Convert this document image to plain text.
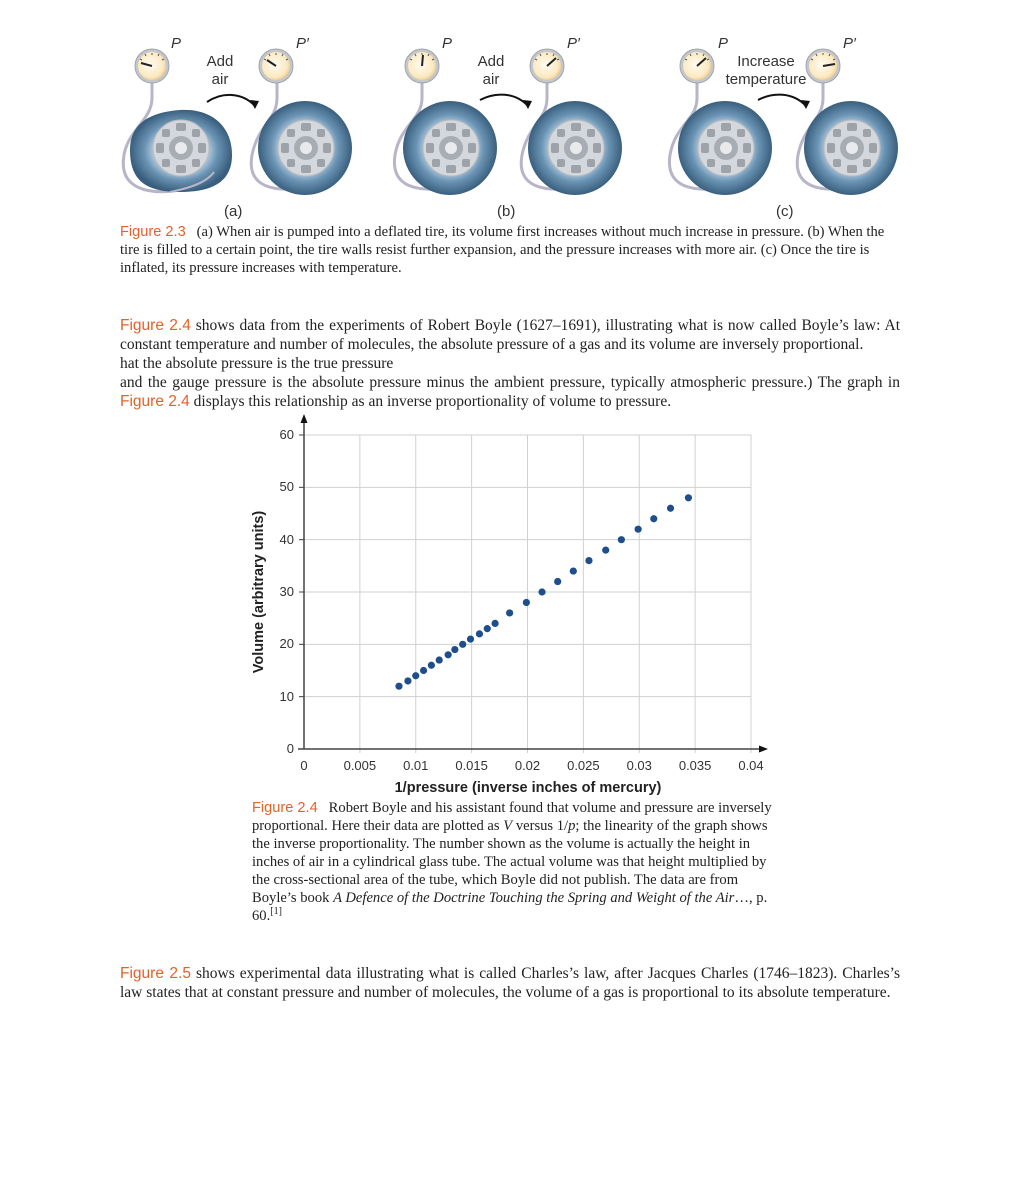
P	P′	P	P′	P	P′
Add
air
Add
air
Increase
temperature
(a)	(b)	(c)
Figure 2.3 (a) When air is pumped into a deflated tire, its volume first increases without much increase in pressure. (b) When the tire is filled to a certain point, the tire walls resist further expansion, and the pressure increases with more air. (c) Once the tire is inflated, its pressure increases with temperature.
Figure 2.4 shows data from the experiments of Robert Boyle (1627–1691), illustrating what is now called Boyle’s law: At constant temperature and number of molecules, the absolute pressure of a gas and its volume are inversely proportional.
hat the absolute pressure is the true pressure
and the gauge pressure is the absolute pressure minus the ambient pressure, typically atmospheric pressure.) The graph in
Figure 2.4 displays this relationship as an inverse proportionality of volume to pressure.
0
10
20
30
40
50
60
0	0.005	0.01	0.015	0.02	0.025	0.03	0.035	0.04
Volume (arbitrary units)
1/pressure (inverse inches of mercury)
Figure 2.4 Robert Boyle and his assistant found that volume and pressure are inversely proportional. Here their data are plotted as V versus 1/p; the linearity of the graph shows the inverse proportionality. The number shown as the volume is actually the height in inches of air in a cylindrical glass tube. The actual volume was that height multiplied by the cross-sectional area of the tube, which Boyle did not publish. The data are from Boyle’s book A Defence of the Doctrine Touching the Spring and Weight of the Air…, p. 60.[1]
Figure 2.5 shows experimental data illustrating what is called Charles’s law, after Jacques Charles (1746–1823). Charles’s law states that at constant pressure and number of molecules, the volume of a gas is proportional to its absolute temperature.
